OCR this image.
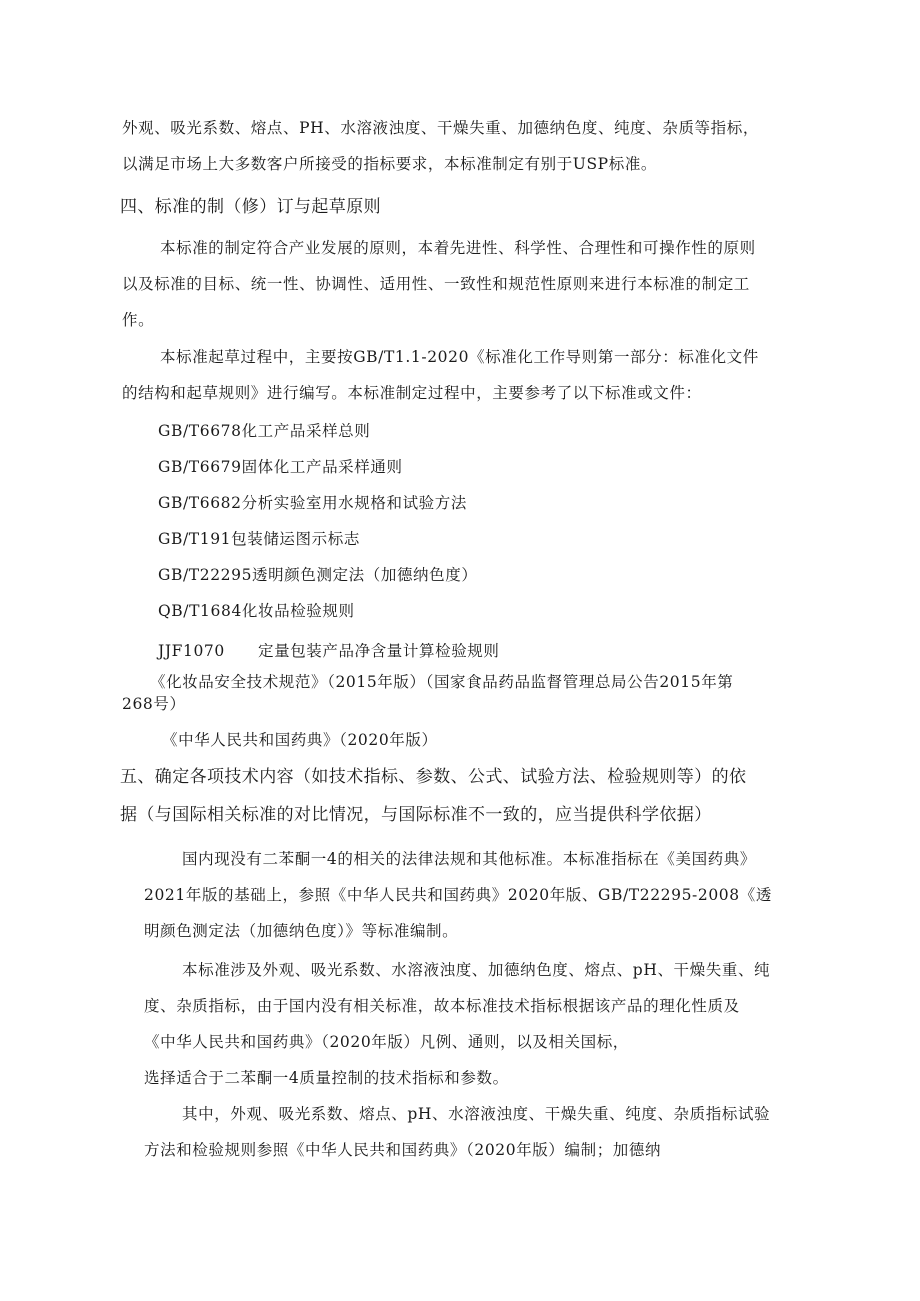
外观、吸光系数、熔点、PH、水溶液浊度、干燥失重、加德纳色度、纯度、杂质等指标，
以满足市场上大多数客户所接受的指标要求，本标准制定有别于USP标准。
四、标准的制（修）订与起草原则
本标准的制定符合产业发展的原则，本着先进性、科学性、合理性和可操作性的原则
以及标准的目标、统一性、协调性、适用性、一致性和规范性原则来进行本标准的制定工
作。
本标准起草过程中，主要按GB/T1.1-2020《标准化工作导则第一部分：标准化文件
的结构和起草规则》进行编写。本标准制定过程中，主要参考了以下标准或文件：
GB/T6678化工产品采样总则
GB/T6679固体化工产品采样通则
GB/T6682分析实验室用水规格和试验方法
GB/T191包装储运图示标志
GB/T22295透明颜色测定法（加德纳色度）
QB/T1684化妆品检验规则
JJF1070 定量包装产品净含量计算检验规则
《化妆品安全技术规范》（2015年版）（国家食品药品监督管理总局公告2015年第
268号）
《中华人民共和国药典》（2020年版）
五、确定各项技术内容（如技术指标、参数、公式、试验方法、检验规则等）的依
据（与国际相关标准的对比情况，与国际标准不一致的，应当提供科学依据）
国内现没有二苯酮一4的相关的法律法规和其他标准。本标准指标在《美国药典》
2021年版的基础上，参照《中华人民共和国药典》2020年版、GB/T22295-2008《透
明颜色测定法（加德纳色度）》等标准编制。
本标准涉及外观、吸光系数、水溶液浊度、加德纳色度、熔点、pH、干燥失重、纯
度、杂质指标，由于国内没有相关标准，故本标准技术指标根据该产品的理化性质及
《中华人民共和国药典》（2020年版）凡例、通则，以及相关国标，
选择适合于二苯酮一4质量控制的技术指标和参数。
其中，外观、吸光系数、熔点、pH、水溶液浊度、干燥失重、纯度、杂质指标试验
方法和检验规则参照《中华人民共和国药典》（2020年版）编制；加德纳
